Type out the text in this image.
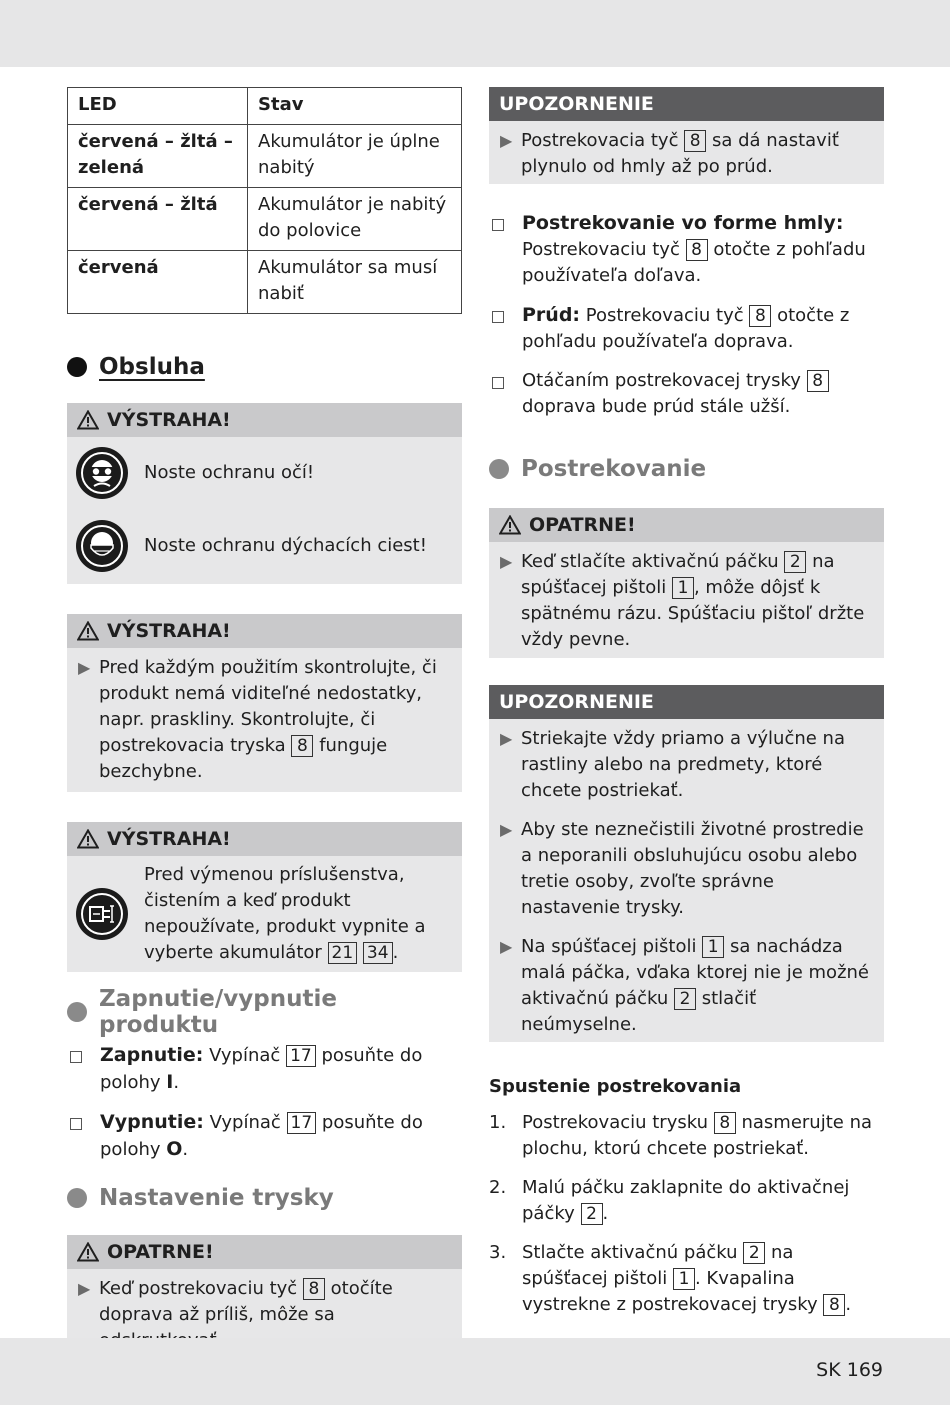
LED	Stav
červená – žltá – zelená	Akumulátor je úplne nabitý
červená – žltá	Akumulátor je nabitý do polovice
červená	Akumulátor sa musí nabiť
Obsluha
VÝSTRAHA!
Noste ochranu očí!
Noste ochranu dýchacích ciest!
VÝSTRAHA!
▶ Pred každým použitím skontrolujte, či produkt nemá viditeľné nedostatky, napr. praskliny. Skontrolujte, či postrekovacia tryska 8 funguje bezchybne.
VÝSTRAHA!
Pred výmenou príslušenstva, čistením a keď produkt nepoužívate, produkt vypnite a vyberte akumulátor 21 34 .
Zapnutie/vypnutie produktu
Zapnutie: Vypínač 17 posuňte do polohy I.
Vypnutie: Vypínač 17 posuňte do polohy O.
Nastavenie trysky
OPATRNE!
▶ Keď postrekovaciu tyč 8 otočíte doprava až príliš, môže sa
UPOZORNENIE
▶ Postrekovacia tyč 8 sa dá nastaviť plynulo od hmly až po prúd.
Postrekovanie vo forme hmly:
Postrekovaciu tyč 8 otočte z pohľadu používateľa doľava.
Prúd: Postrekovaciu tyč 8 otočte z pohľadu používateľa doprava.
Otáčaním postrekovacej trysky 8 doprava bude prúd stále užší.
Postrekovanie
OPATRNE!
▶ Keď stlačíte aktivačnú páčku 2 na spúšťacej pištoli 1 , môže dôjsť k spätnému rázu. Spúšťaciu pištoľ držte vždy pevne.
UPOZORNENIE
▶ Striekajte vždy priamo a výlučne na rastliny alebo na predmety, ktoré chcete postriekať.
▶ Aby ste neznečistili životné prostredie a neporanili obsluhujúcu osobu alebo tretie osoby, zvoľte správne nastavenie trysky.
▶ Na spúšťacej pištoli 1 sa nachádza malá páčka, vďaka ktorej nie je možné aktivačnú páčku 2 stlačiť neúmyselne.
Spustenie postrekovania
1. Postrekovaciu trysku 8 nasmerujte na plochu, ktorú chcete postriekať.
2. Malú páčku zaklapnite do aktivačnej páčky 2 .
3. Stlačte aktivačnú páčku 2 na spúšťacej pištoli 1 . Kvapalina vystrekne z postrekovacej trysky 8 .
SK 169
